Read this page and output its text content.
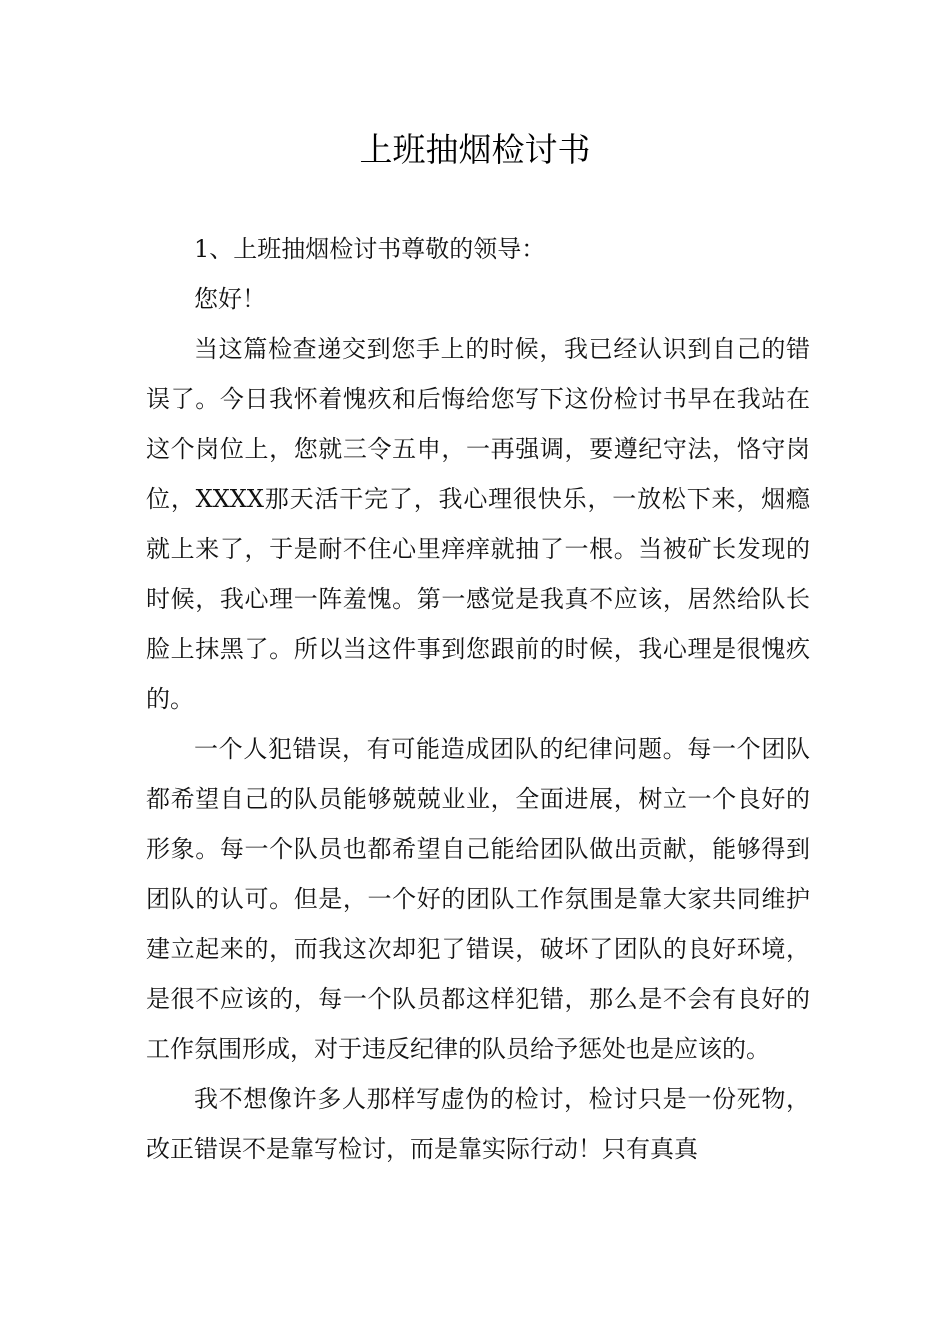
上班抽烟检讨书

1、上班抽烟检讨书尊敬的领导：

您好！

当这篇检查递交到您手上的时候，我已经认识到自己的错误了。今日我怀着愧疚和后悔给您写下这份检讨书早在我站在这个岗位上，您就三令五申，一再强调，要遵纪守法，恪守岗位，XXXX那天活干完了，我心理很快乐，一放松下来，烟瘾就上来了，于是耐不住心里痒痒就抽了一根。当被矿长发现的时候，我心理一阵羞愧。第一感觉是我真不应该，居然给队长脸上抹黑了。所以当这件事到您跟前的时候，我心理是很愧疚的。

一个人犯错误，有可能造成团队的纪律问题。每一个团队都希望自己的队员能够兢兢业业，全面进展，树立一个良好的形象。每一个队员也都希望自己能给团队做出贡献，能够得到团队的认可。但是，一个好的团队工作氛围是靠大家共同维护建立起来的，而我这次却犯了错误，破坏了团队的良好环境，是很不应该的，每一个队员都这样犯错，那么是不会有良好的工作氛围形成，对于违反纪律的队员给予惩处也是应该的。

我不想像许多人那样写虚伪的检讨，检讨只是一份死物，改正错误不是靠写检讨，而是靠实际行动！只有真真
